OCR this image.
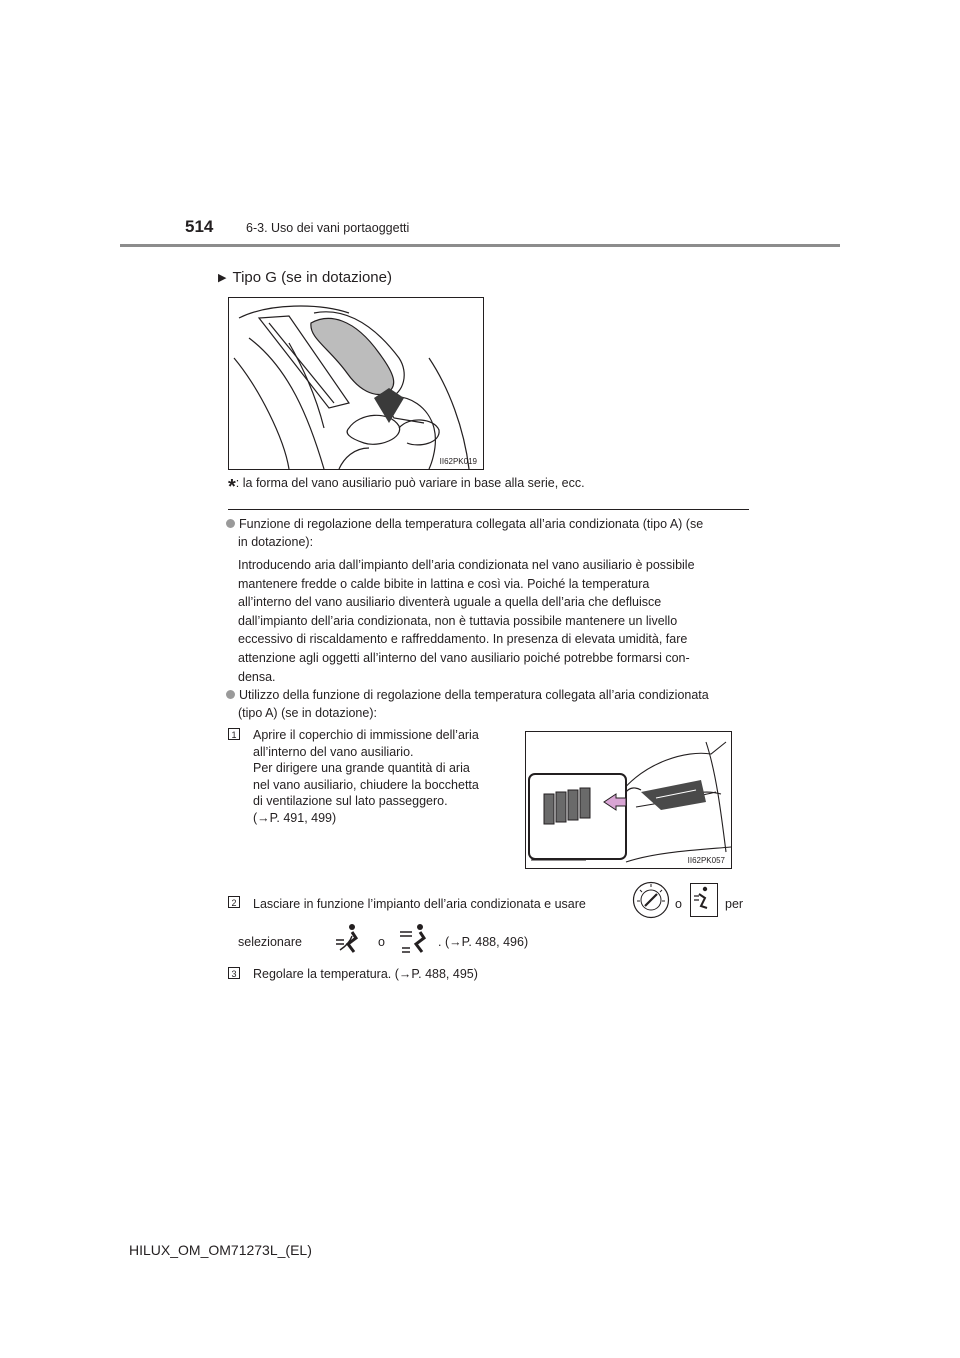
514	6-3. Uso dei vani portaoggetti
▶ Tipo G (se in dotazione)
II62PK019
*: la forma del vano ausiliario può variare in base alla serie, ecc.
Funzione di regolazione della temperatura collegata all’aria condizionata (tipo A) (se
in dotazione):
Introducendo aria dall’impianto dell’aria condizionata nel vano ausiliario è possibile
mantenere fredde o calde bibite in lattina e così via. Poiché la temperatura
all’interno del vano ausiliario diventerà uguale a quella dell’aria che defluisce
dall’impianto dell’aria condizionata, non è tuttavia possibile mantenere un livello
eccessivo di riscaldamento e raffreddamento. In presenza di elevata umidità, fare
attenzione agli oggetti all’interno del vano ausiliario poiché potrebbe formarsi con-
densa.
Utilizzo della funzione di regolazione della temperatura collegata all’aria condizionata
(tipo A) (se in dotazione):
1 Aprire il coperchio di immissione dell’aria
all’interno del vano ausiliario.
Per dirigere una grande quantità di aria
nel vano ausiliario, chiudere la bocchetta
di ventilazione sul lato passeggero.
(→P. 491, 499)
II62PK057
2 Lasciare in funzione l’impianto dell’aria condizionata e usare	o	per
selezionare	o	. (→P. 488, 496)
3 Regolare la temperatura. (→P. 488, 495)
HILUX_OM_OM71273L_(EL)
